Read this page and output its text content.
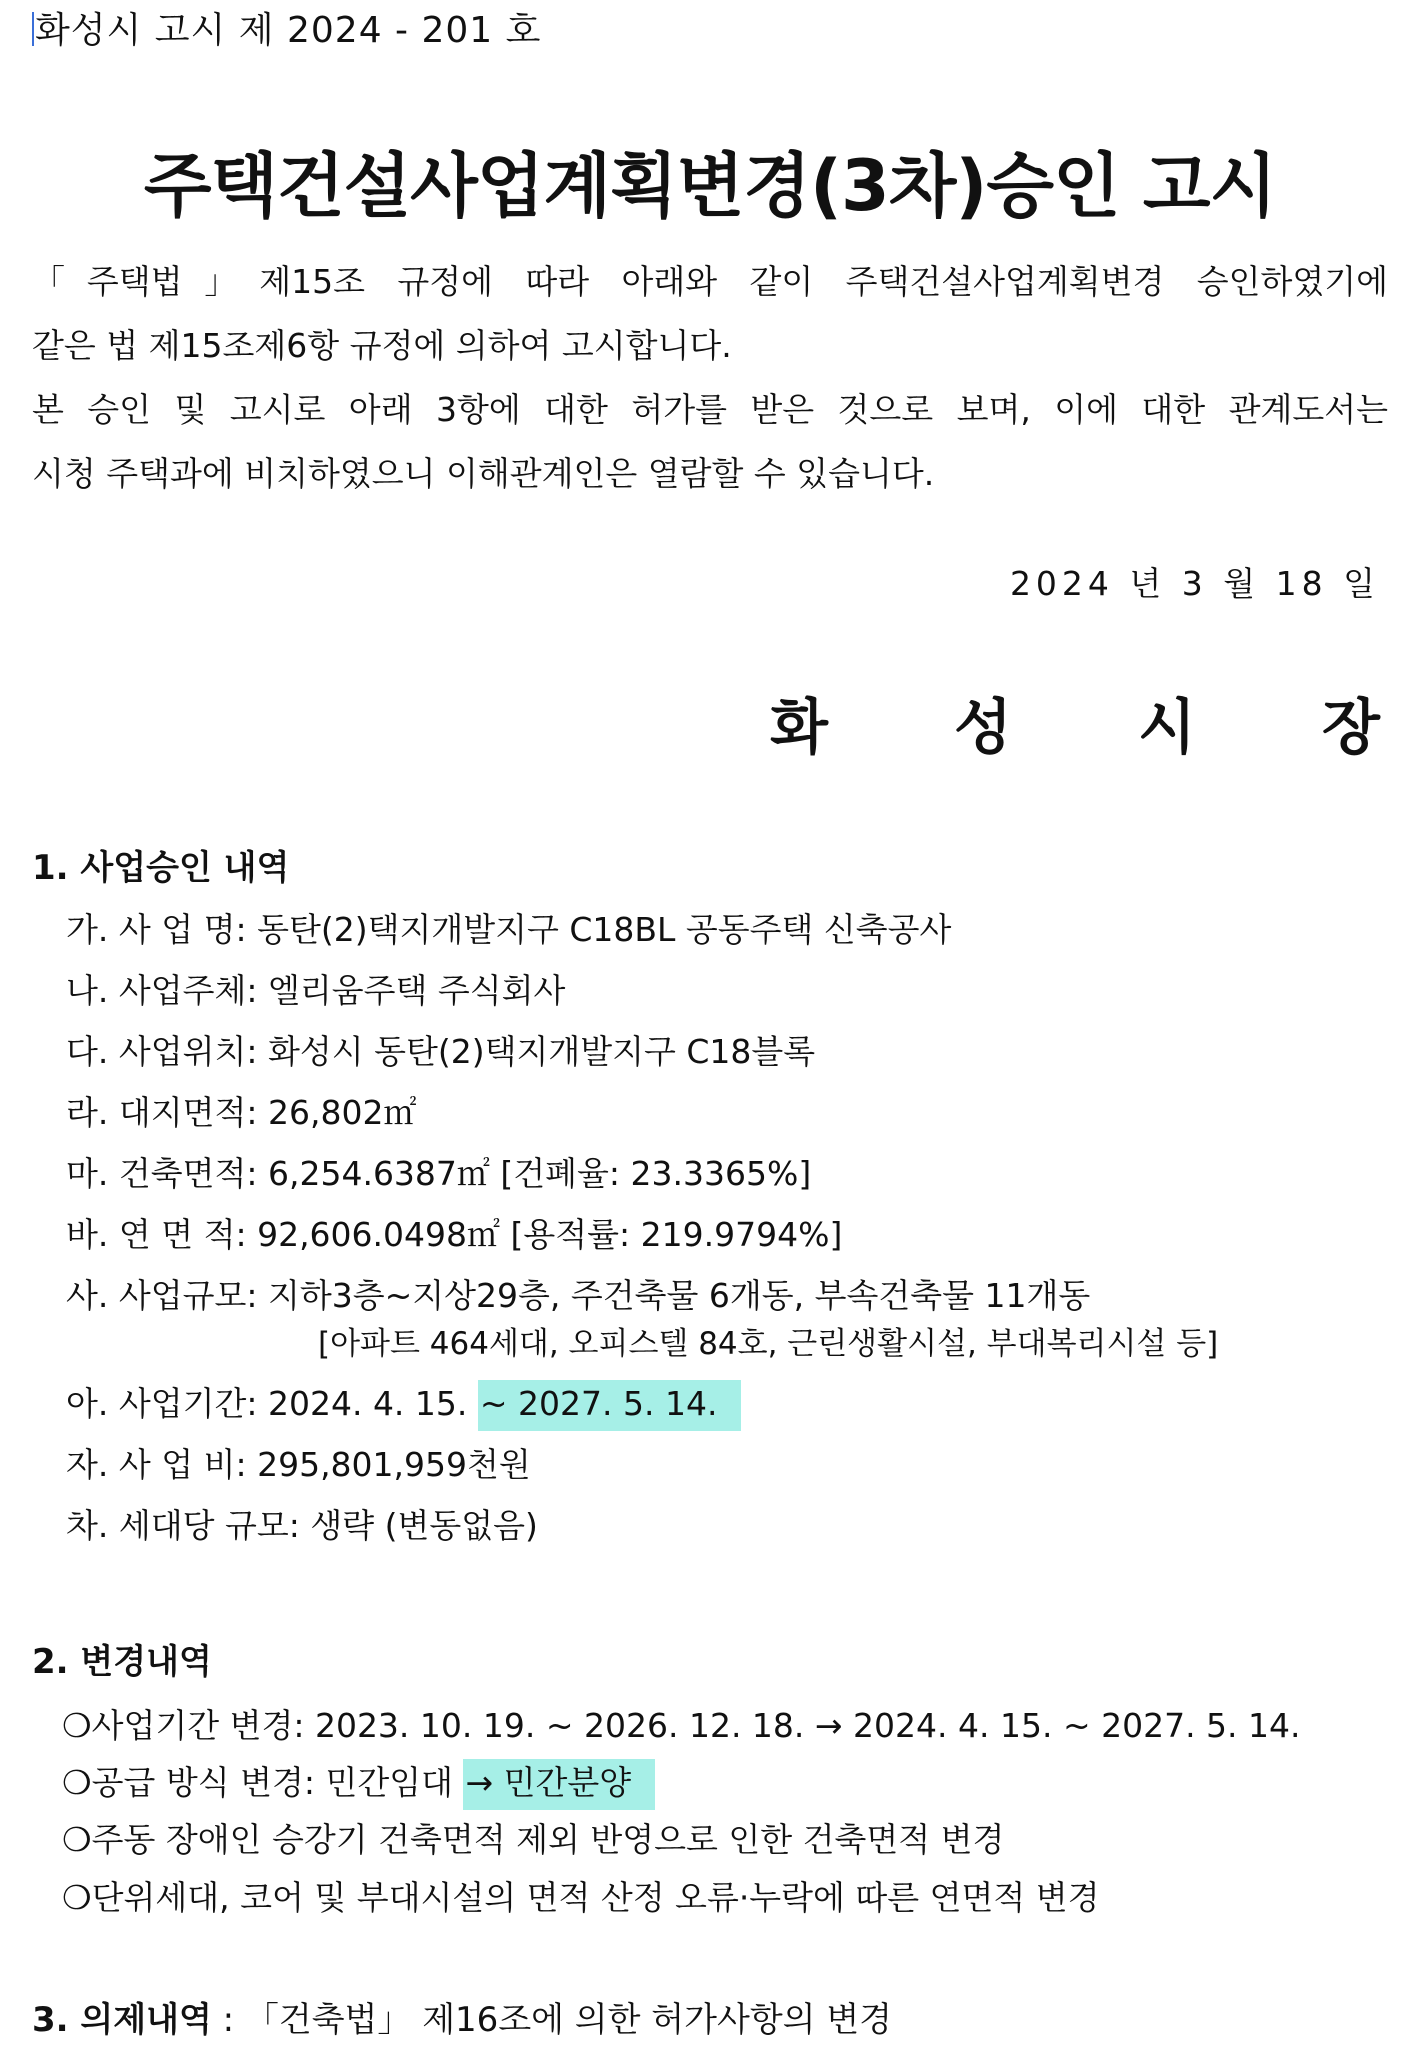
화성시 고시 제 2024 - 201 호
주택건설사업계획변경(3차)승인 고시
「주택법」제15조 규정에 따라 아래와 같이 주택건설사업계획변경 승인하였기에
같은 법 제15조제6항 규정에 의하여 고시합니다.
본 승인 및 고시로 아래 3항에 대한 허가를 받은 것으로 보며, 이에 대한 관계도서는
시청 주택과에 비치하였으니 이해관계인은 열람할 수 있습니다.
2024 년 3 월 18 일
화 성 시 장
1. 사업승인 내역
가. 사 업 명: 동탄(2)택지개발지구 C18BL 공동주택 신축공사
나. 사업주체: 엘리움주택 주식회사
다. 사업위치: 화성시 동탄(2)택지개발지구 C18블록
라. 대지면적: 26,802㎡
마. 건축면적: 6,254.6387㎡ [건폐율: 23.3365%]
바. 연 면 적: 92,606.0498㎡ [용적률: 219.9794%]
사. 사업규모: 지하3층~지상29층, 주건축물 6개동, 부속건축물 11개동
[아파트 464세대, 오피스텔 84호, 근린생활시설, 부대복리시설 등]
아. 사업기간: 2024. 4. 15. ~ 2027. 5. 14.
자. 사 업 비: 295,801,959천원
차. 세대당 규모: 생략 (변동없음)
2. 변경내역
❍사업기간 변경: 2023. 10. 19. ~ 2026. 12. 18. → 2024. 4. 15. ~ 2027. 5. 14.
❍공급 방식 변경: 민간임대 → 민간분양
❍주동 장애인 승강기 건축면적 제외 반영으로 인한 건축면적 변경
❍단위세대, 코어 및 부대시설의 면적 산정 오류·누락에 따른 연면적 변경
3. 의제내역 : 「건축법」 제16조에 의한 허가사항의 변경
